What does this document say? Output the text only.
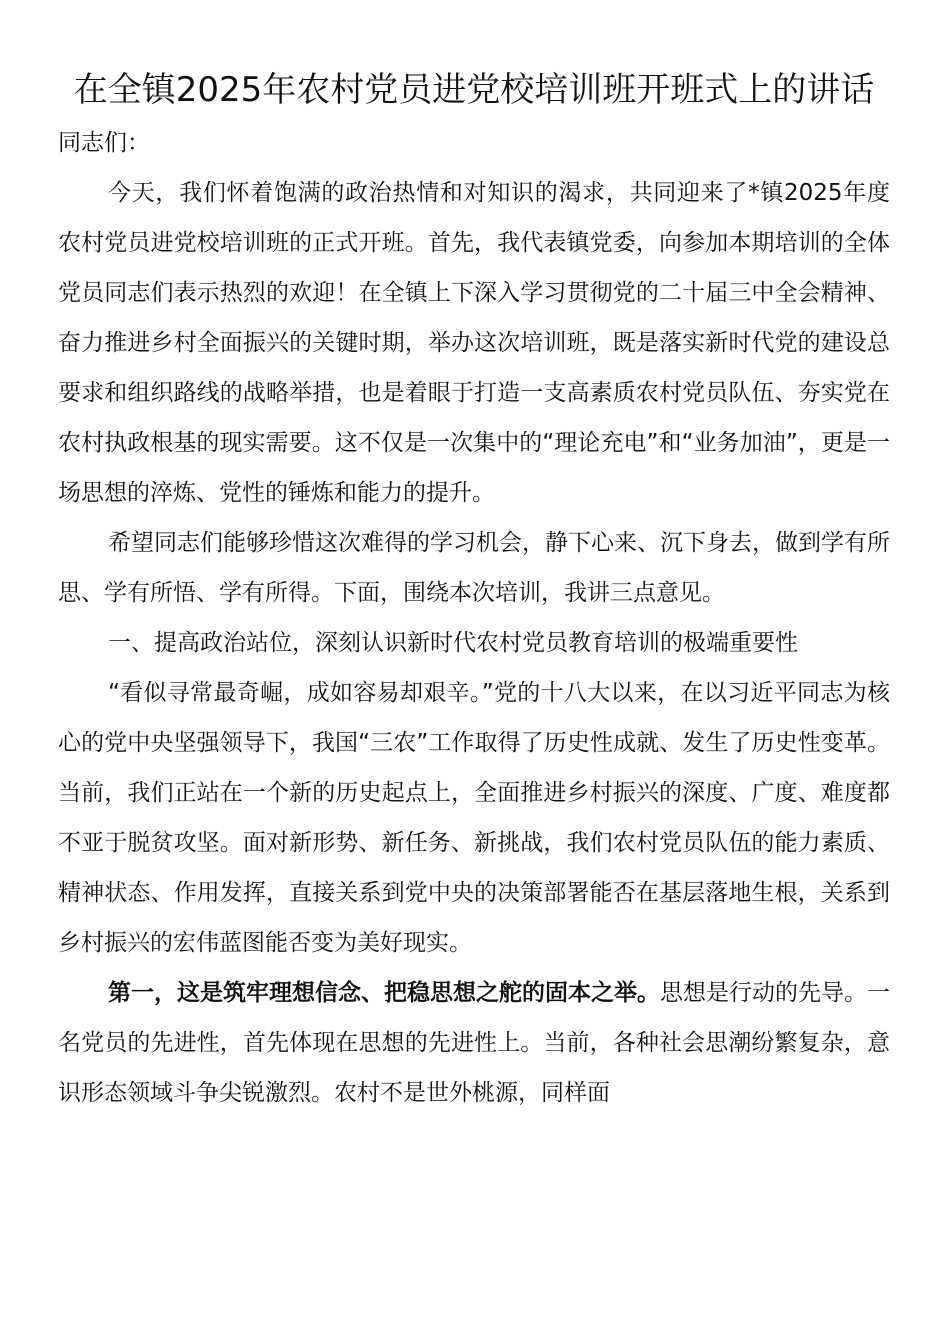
在全镇2025年农村党员进党校培训班开班式上的讲话

同志们：

今天，我们怀着饱满的政治热情和对知识的渴求，共同迎来了*镇2025年度农村党员进党校培训班的正式开班。首先，我代表镇党委，向参加本期培训的全体党员同志们表示热烈的欢迎！在全镇上下深入学习贯彻党的二十届三中全会精神、奋力推进乡村全面振兴的关键时期，举办这次培训班，既是落实新时代党的建设总要求和组织路线的战略举措，也是着眼于打造一支高素质农村党员队伍、夯实党在农村执政根基的现实需要。这不仅是一次集中的“理论充电”和“业务加油”，更是一场思想的淬炼、党性的锤炼和能力的提升。

希望同志们能够珍惜这次难得的学习机会，静下心来、沉下身去，做到学有所思、学有所悟、学有所得。下面，围绕本次培训，我讲三点意见。

一、提高政治站位，深刻认识新时代农村党员教育培训的极端重要性

“看似寻常最奇崛，成如容易却艰辛。”党的十八大以来，在以习近平同志为核心的党中央坚强领导下，我国“三农”工作取得了历史性成就、发生了历史性变革。当前，我们正站在一个新的历史起点上，全面推进乡村振兴的深度、广度、难度都不亚于脱贫攻坚。面对新形势、新任务、新挑战，我们农村党员队伍的能力素质、精神状态、作用发挥，直接关系到党中央的决策部署能否在基层落地生根，关系到乡村振兴的宏伟蓝图能否变为美好现实。

第一，这是筑牢理想信念、把稳思想之舵的固本之举。思想是行动的先导。一名党员的先进性，首先体现在思想的先进性上。当前，各种社会思潮纷繁复杂，意识形态领域斗争尖锐激烈。农村不是世外桃源，同样面
